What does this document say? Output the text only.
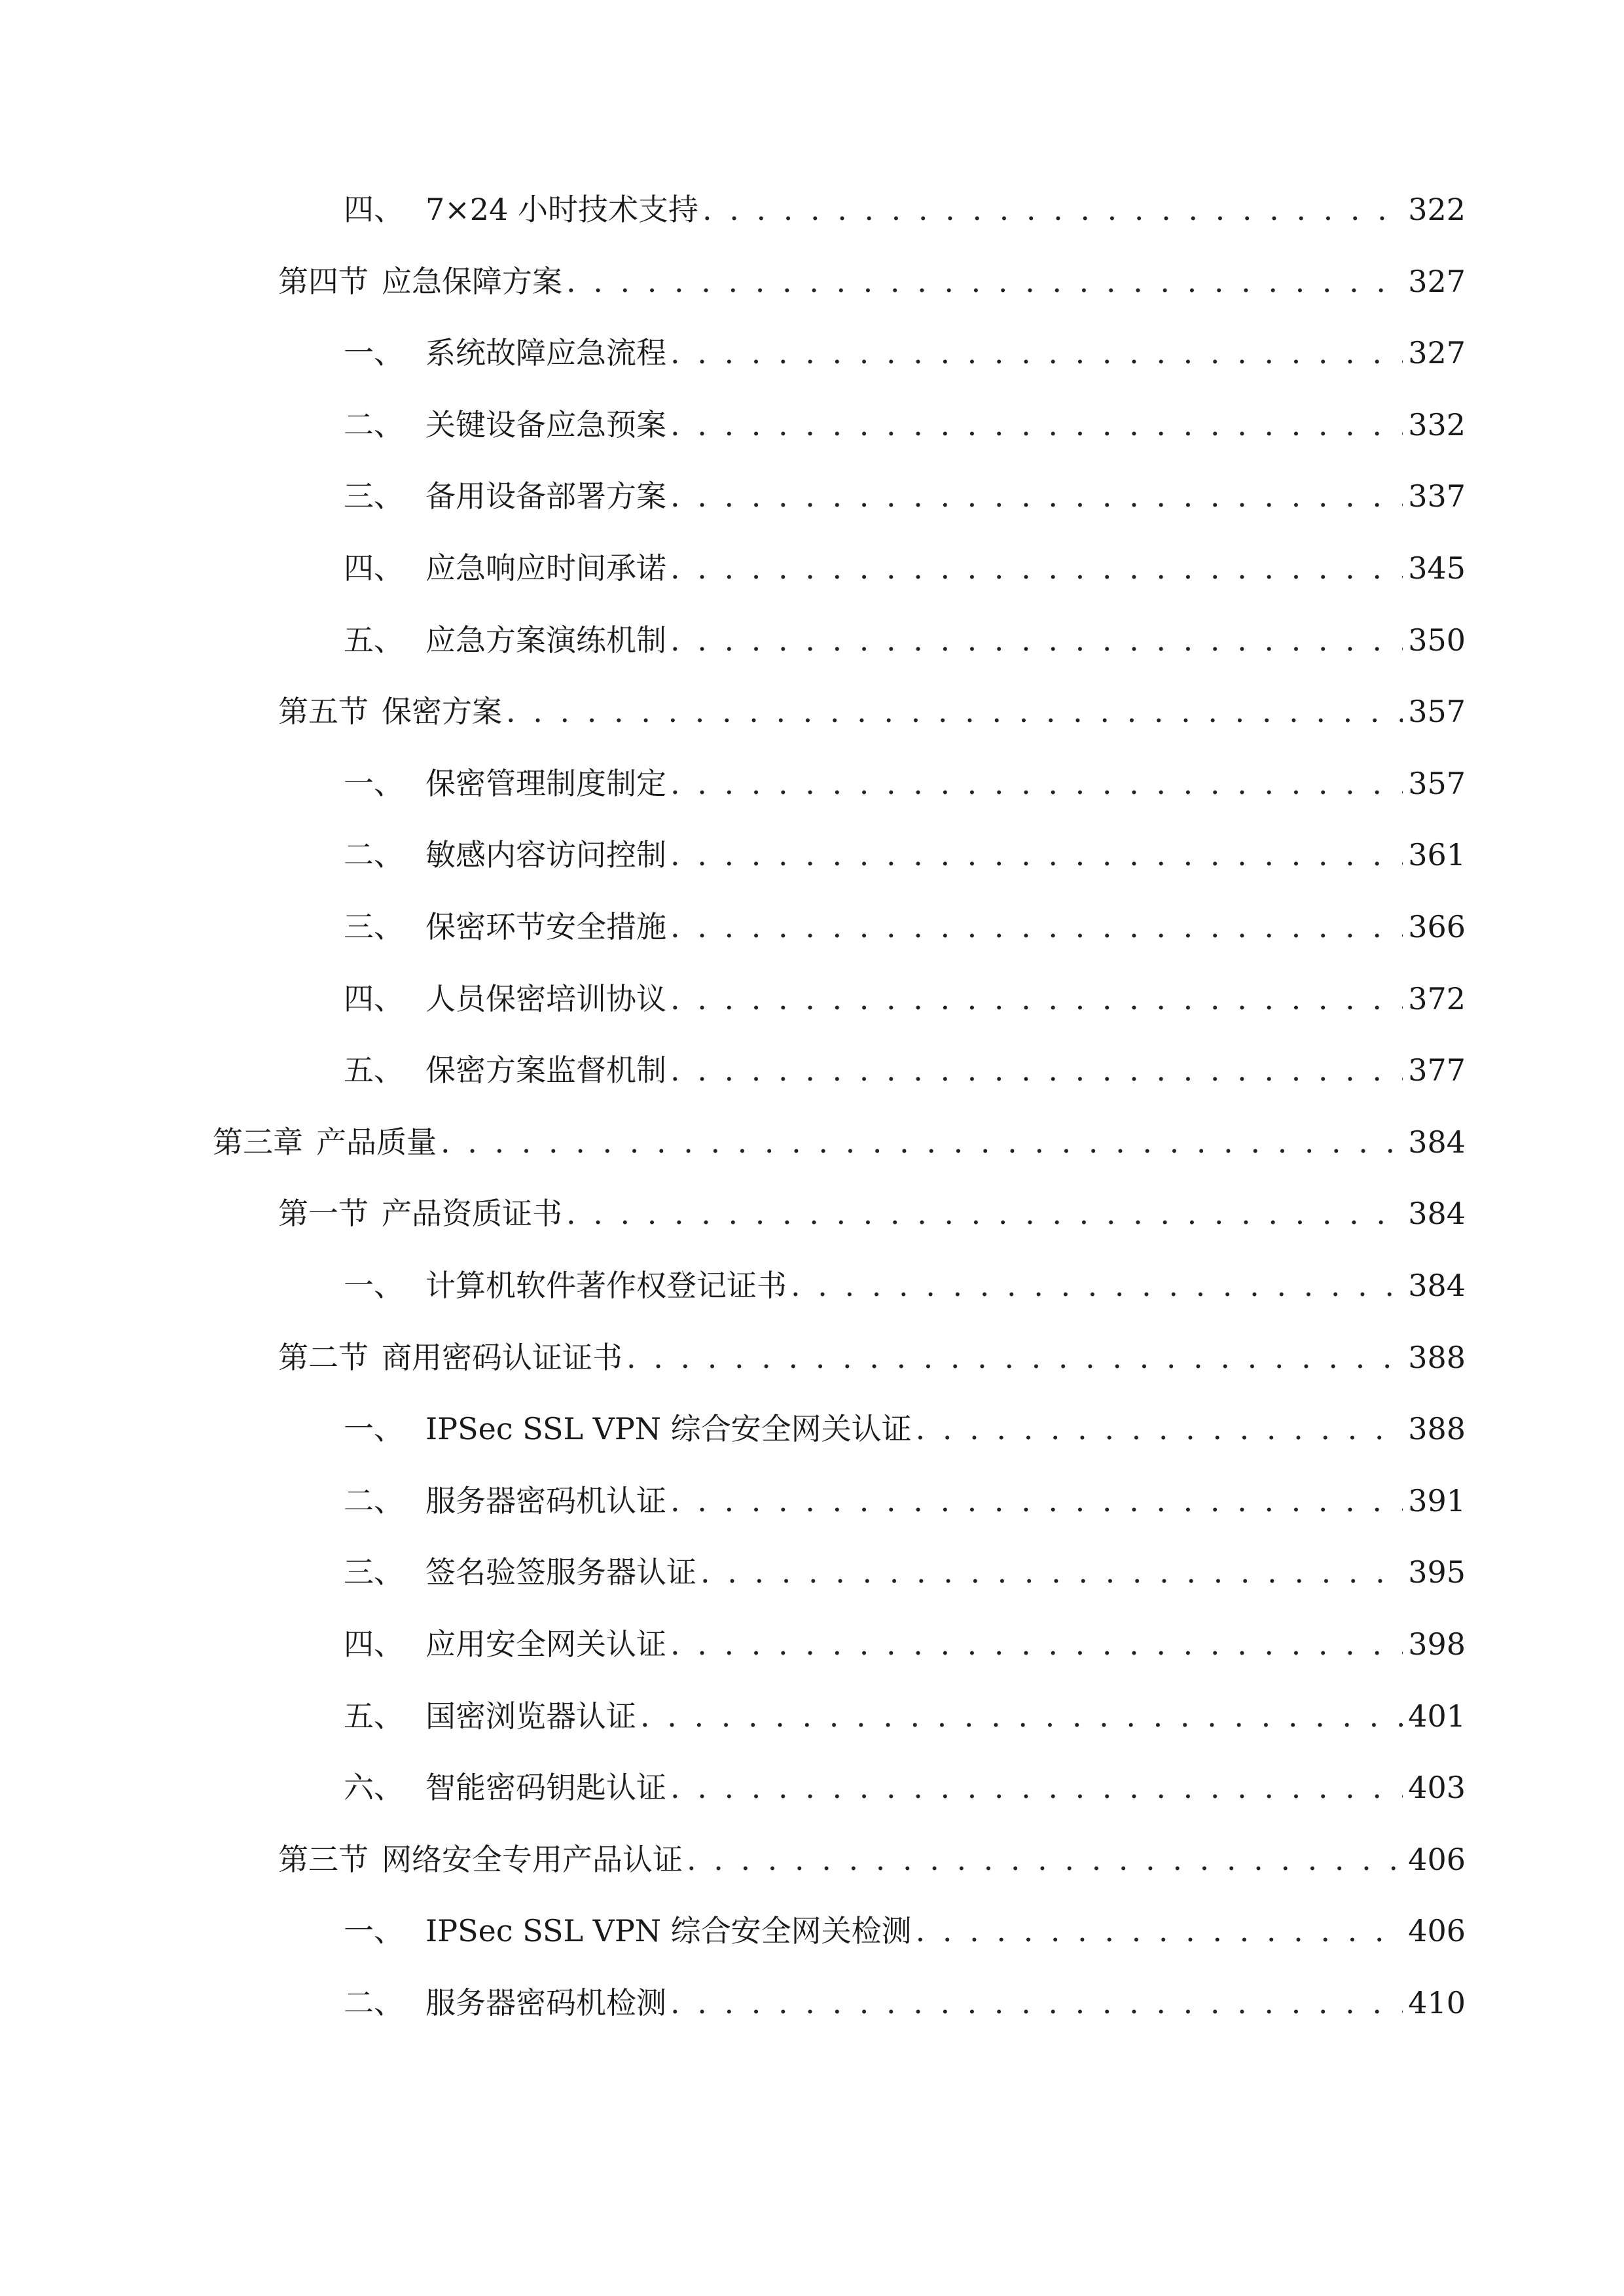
四、 7×24 小时技术支持 . . .	322
第四节 应急保障方案 . . .	327
一、 系统故障应急流程 . . .	327
二、 关键设备应急预案 . . .	332
三、 备用设备部署方案 . . .	337
四、 应急响应时间承诺 . . .	345
五、 应急方案演练机制 . . .	350
第五节 保密方案 . . .	357
一、 保密管理制度制定 . . .	357
二、 敏感内容访问控制 . . .	361
三、 保密环节安全措施 . . .	366
四、 人员保密培训协议 . . .	372
五、 保密方案监督机制 . . .	377
第三章 产品质量 . . .	384
第一节 产品资质证书 . . .	384
一、 计算机软件著作权登记证书 . . .	384
第二节 商用密码认证证书 . . .	388
一、 IPSec SSL VPN 综合安全网关认证 . . .	388
二、 服务器密码机认证 . . .	391
三、 签名验签服务器认证 . . .	395
四、 应用安全网关认证 . . .	398
五、 国密浏览器认证 . . .	401
六、 智能密码钥匙认证 . . .	403
第三节 网络安全专用产品认证 . . .	406
一、 IPSec SSL VPN 综合安全网关检测 . . .	406
二、 服务器密码机检测 . . .	410
